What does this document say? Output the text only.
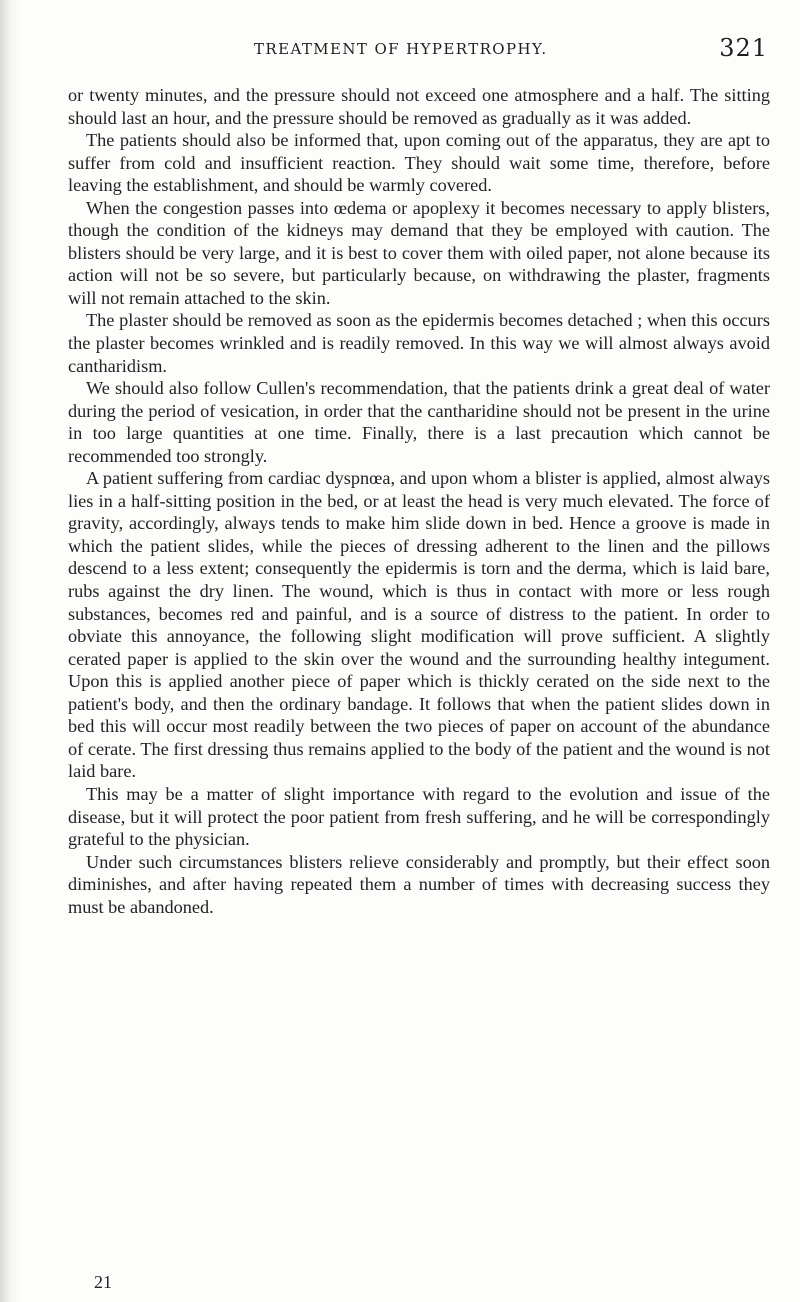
TREATMENT OF HYPERTROPHY.	321

or twenty minutes, and the pressure should not exceed one atmosphere and a half. The sitting should last an hour, and the pressure should be removed as gradually as it was added.

The patients should also be informed that, upon coming out of the apparatus, they are apt to suffer from cold and insufficient reaction. They should wait some time, therefore, before leaving the establishment, and should be warmly covered.

When the congestion passes into œdema or apoplexy it becomes necessary to apply blisters, though the condition of the kidneys may demand that they be employed with caution. The blisters should be very large, and it is best to cover them with oiled paper, not alone because its action will not be so severe, but particularly because, on withdrawing the plaster, fragments will not remain attached to the skin.

The plaster should be removed as soon as the epidermis becomes detached ; when this occurs the plaster becomes wrinkled and is readily removed. In this way we will almost always avoid cantharidism.

We should also follow Cullen's recommendation, that the patients drink a great deal of water during the period of vesication, in order that the cantharidine should not be present in the urine in too large quantities at one time. Finally, there is a last precaution which cannot be recommended too strongly.

A patient suffering from cardiac dyspnœa, and upon whom a blister is applied, almost always lies in a half-sitting position in the bed, or at least the head is very much elevated. The force of gravity, accordingly, always tends to make him slide down in bed. Hence a groove is made in which the patient slides, while the pieces of dressing adherent to the linen and the pillows descend to a less extent; consequently the epidermis is torn and the derma, which is laid bare, rubs against the dry linen. The wound, which is thus in contact with more or less rough substances, becomes red and painful, and is a source of distress to the patient. In order to obviate this annoyance, the following slight modification will prove sufficient. A slightly cerated paper is applied to the skin over the wound and the surrounding healthy integument. Upon this is applied another piece of paper which is thickly cerated on the side next to the patient's body, and then the ordinary bandage. It follows that when the patient slides down in bed this will occur most readily between the two pieces of paper on account of the abundance of cerate. The first dressing thus remains applied to the body of the patient and the wound is not laid bare.

This may be a matter of slight importance with regard to the evolution and issue of the disease, but it will protect the poor patient from fresh suffering, and he will be correspondingly grateful to the physician.

Under such circumstances blisters relieve considerably and promptly, but their effect soon diminishes, and after having repeated them a number of times with decreasing success they must be abandoned.

21
